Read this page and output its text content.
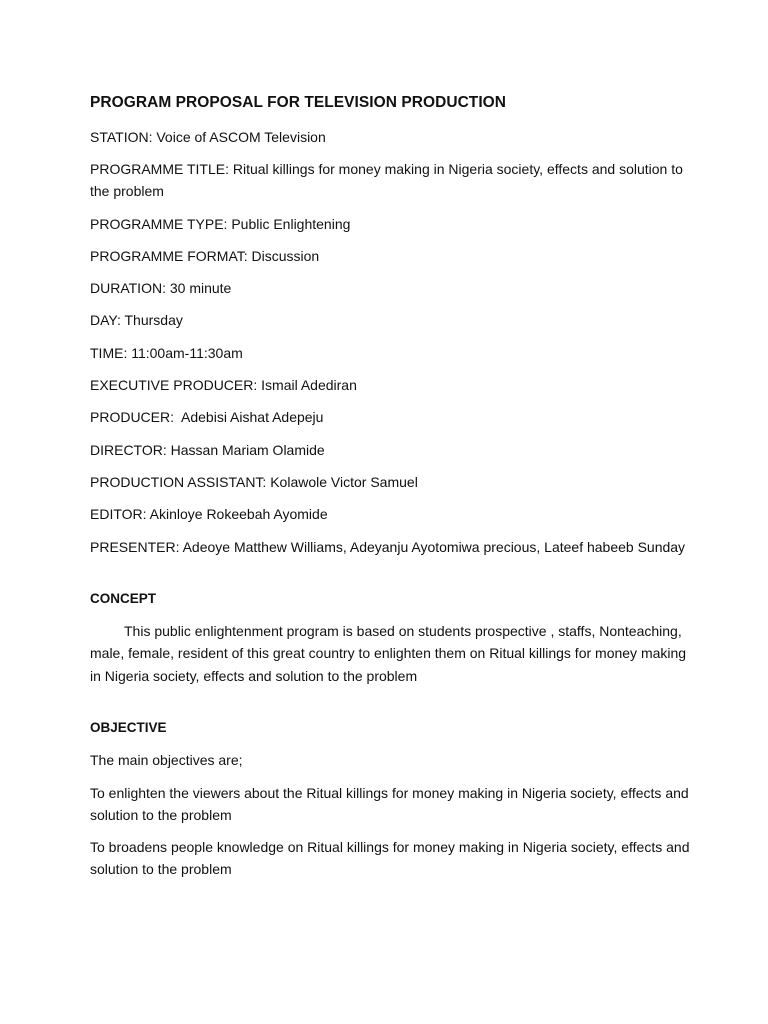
PROGRAM PROPOSAL FOR TELEVISION PRODUCTION
STATION: Voice of ASCOM Television
PROGRAMME TITLE: Ritual killings for money making in Nigeria society, effects and solution to the problem
PROGRAMME TYPE: Public Enlightening
PROGRAMME FORMAT: Discussion
DURATION: 30 minute
DAY: Thursday
TIME: 11:00am-11:30am
EXECUTIVE PRODUCER: Ismail Adediran
PRODUCER:  Adebisi Aishat Adepeju
DIRECTOR: Hassan Mariam Olamide
PRODUCTION ASSISTANT: Kolawole Victor Samuel
EDITOR: Akinloye Rokeebah Ayomide
PRESENTER: Adeoye Matthew Williams, Adeyanju Ayotomiwa precious, Lateef habeeb Sunday
CONCEPT

This public enlightenment program is based on students prospective , staffs, Nonteaching, male, female, resident of this great country to enlighten them on Ritual killings for money making in Nigeria society, effects and solution to the problem

OBJECTIVE
The main objectives are;
To enlighten the viewers about the Ritual killings for money making in Nigeria society, effects and solution to the problem
To broadens people knowledge on Ritual killings for money making in Nigeria society, effects and solution to the problem
